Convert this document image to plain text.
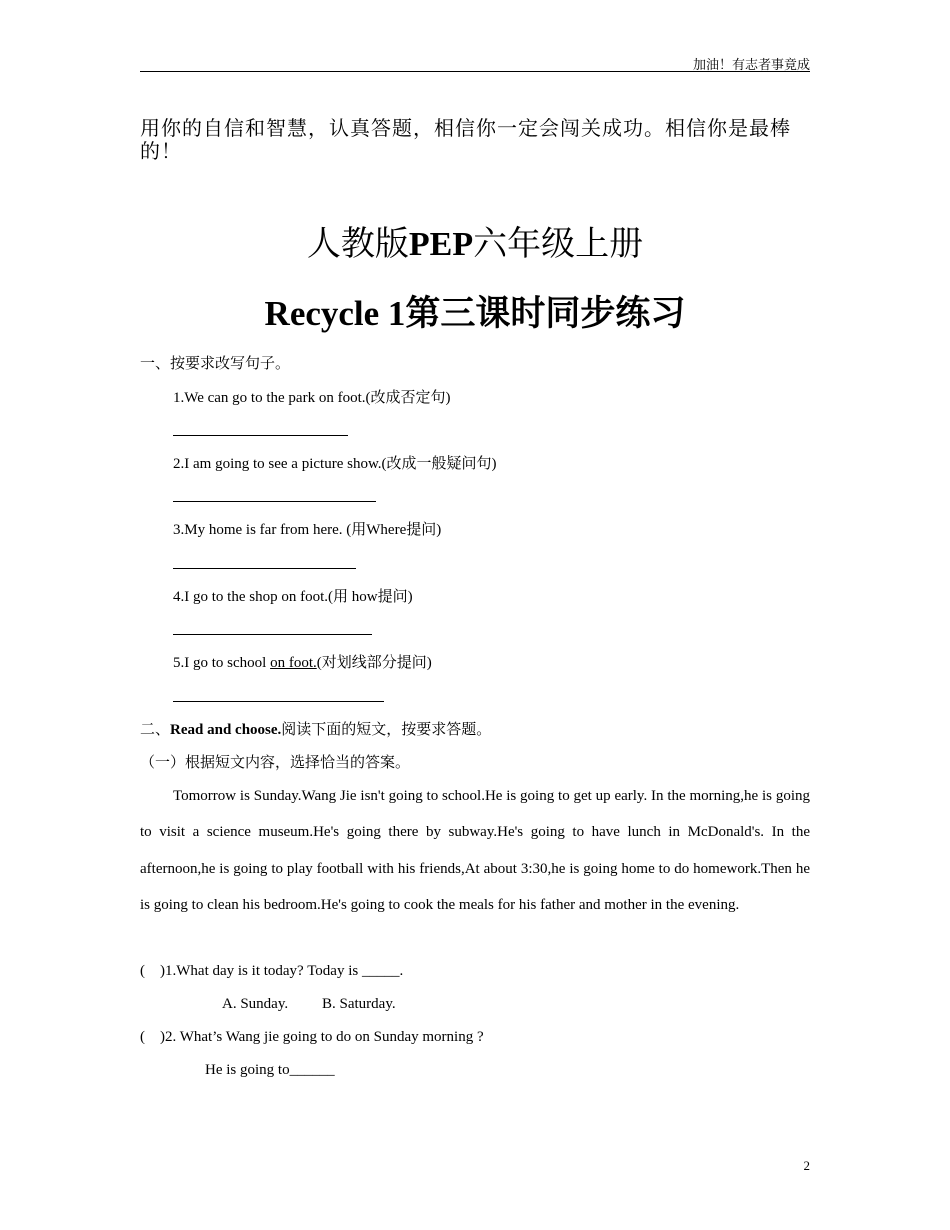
加油！有志者事竟成
用你的自信和智慧，认真答题，相信你一定会闯关成功。相信你是最棒的！
人教版PEP六年级上册
Recycle 1第三课时同步练习
一、按要求改写句子。
1.We can go to the park on foot.(改成否定句)
2.I am going to see a picture show.(改成一般疑问句)
3.My home is far from here. (用Where提问)
4.I go to the shop on foot.(用 how提问)
5.I go to school on foot.(对划线部分提问)
二、Read and choose.阅读下面的短文，按要求答题。
（一）根据短文内容，选择恰当的答案。
Tomorrow is Sunday.Wang Jie isn't going to school.He is going to get up early. In the morning,he is going to visit a science museum.He's going there by subway.He's going to have lunch in McDonald's. In the afternoon,he is going to play football with his friends,At about 3:30,he is going home to do homework.Then he is going to clean his bedroom.He's going to cook the meals for his father and mother in the evening.
(    )1.What day is it today? Today is _____.
A. Sunday. B. Saturday.
(    )2. What’s Wang jie going to do on Sunday morning ?
He is going to______
2
